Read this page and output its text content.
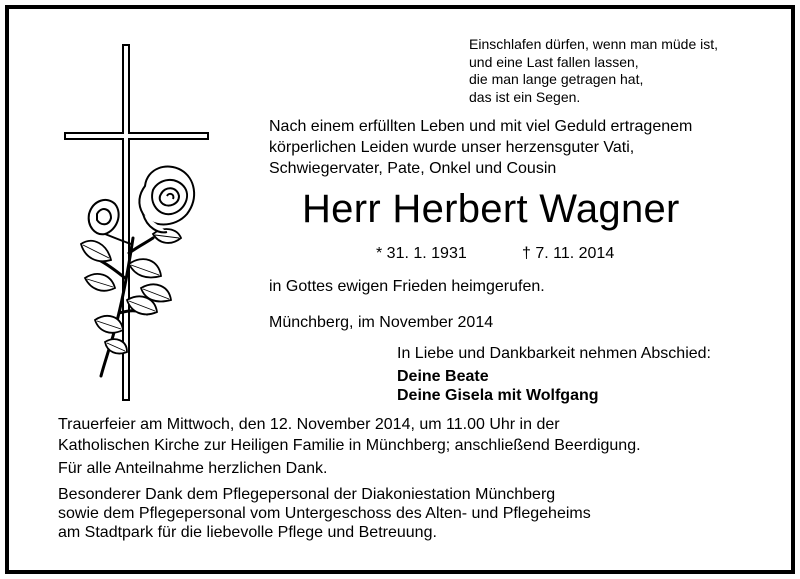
Einschlafen dürfen, wenn man müde ist,
und eine Last fallen lassen,
die man lange getragen hat,
das ist ein Segen.
Nach einem erfüllten Leben und mit viel Geduld ertragenem
körperlichen Leiden wurde unser herzensguter Vati,
Schwiegervater, Pate, Onkel und Cousin
Herr Herbert Wagner
* 31. 1. 1931	† 7. 11. 2014
in Gottes ewigen Frieden heimgerufen.
Münchberg, im November 2014
In Liebe und Dankbarkeit nehmen Abschied:
Deine Beate
Deine Gisela mit Wolfgang
Trauerfeier am Mittwoch, den 12. November 2014, um 11.00 Uhr in der
Katholischen Kirche zur Heiligen Familie in Münchberg; anschließend Beerdigung.
Für alle Anteilnahme herzlichen Dank.
Besonderer Dank dem Pflegepersonal der Diakoniestation Münchberg
sowie dem Pflegepersonal vom Untergeschoss des Alten- und Pflegeheims
am Stadtpark für die liebevolle Pflege und Betreuung.
